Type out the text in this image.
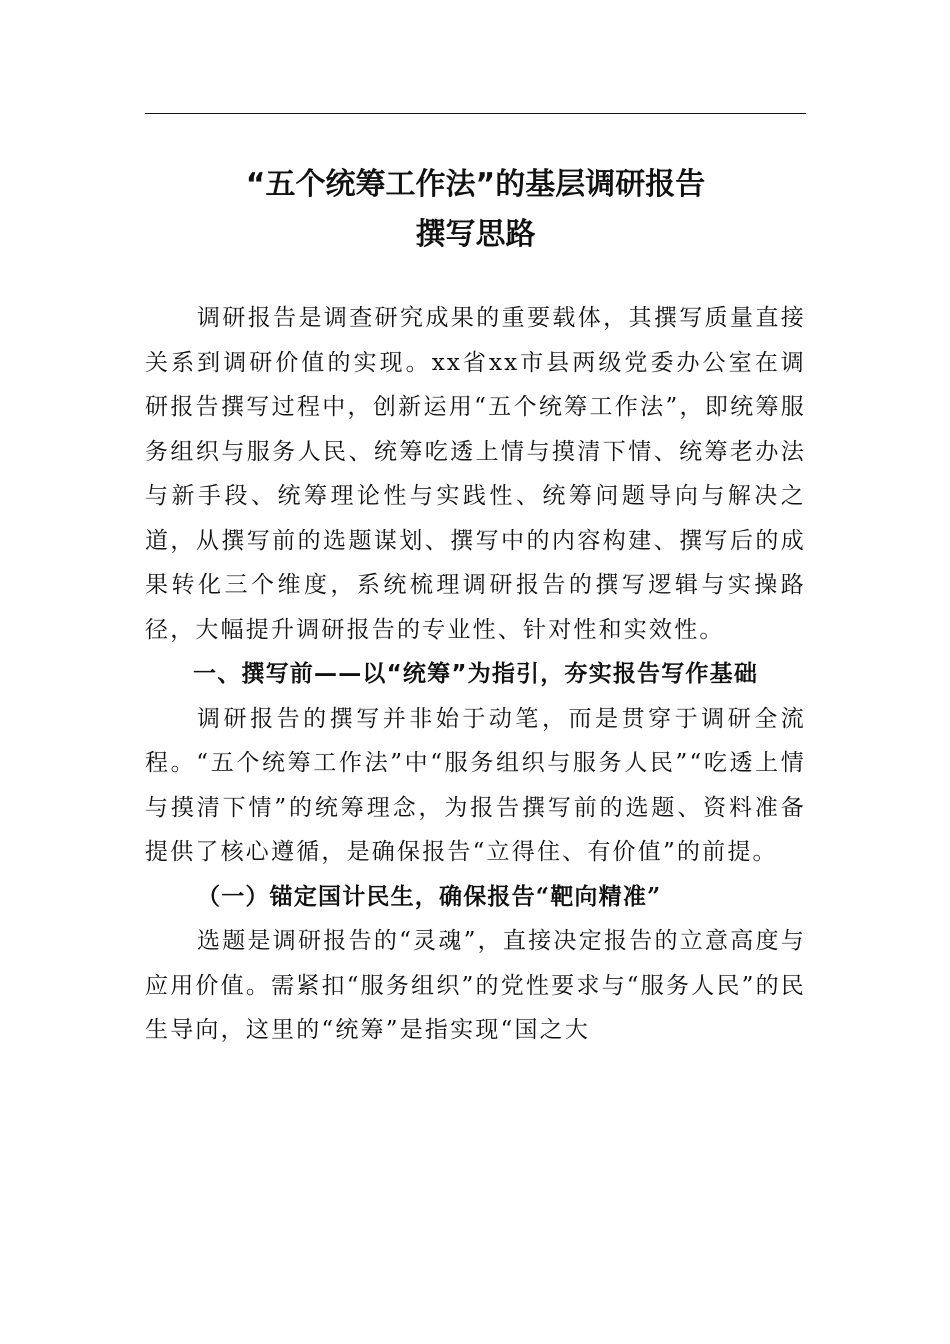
“五个统筹工作法”的基层调研报告
撰写思路

调研报告是调查研究成果的重要载体，其撰写质量直接关系到调研价值的实现。xx省xx市县两级党委办公室在调研报告撰写过程中，创新运用“五个统筹工作法”，即统筹服务组织与服务人民、统筹吃透上情与摸清下情、统筹老办法与新手段、统筹理论性与实践性、统筹问题导向与解决之道，从撰写前的选题谋划、撰写中的内容构建、撰写后的成果转化三个维度，系统梳理调研报告的撰写逻辑与实操路径，大幅提升调研报告的专业性、针对性和实效性。

一、撰写前——以“统筹”为指引，夯实报告写作基础

调研报告的撰写并非始于动笔，而是贯穿于调研全流程。“五个统筹工作法”中“服务组织与服务人民”“吃透上情与摸清下情”的统筹理念，为报告撰写前的选题、资料准备提供了核心遵循，是确保报告“立得住、有价值”的前提。

（一）锚定国计民生，确保报告“靶向精准”

选题是调研报告的“灵魂”，直接决定报告的立意高度与应用价值。需紧扣“服务组织”的党性要求与“服务人民”的民生导向，这里的“统筹”是指实现“国之大
